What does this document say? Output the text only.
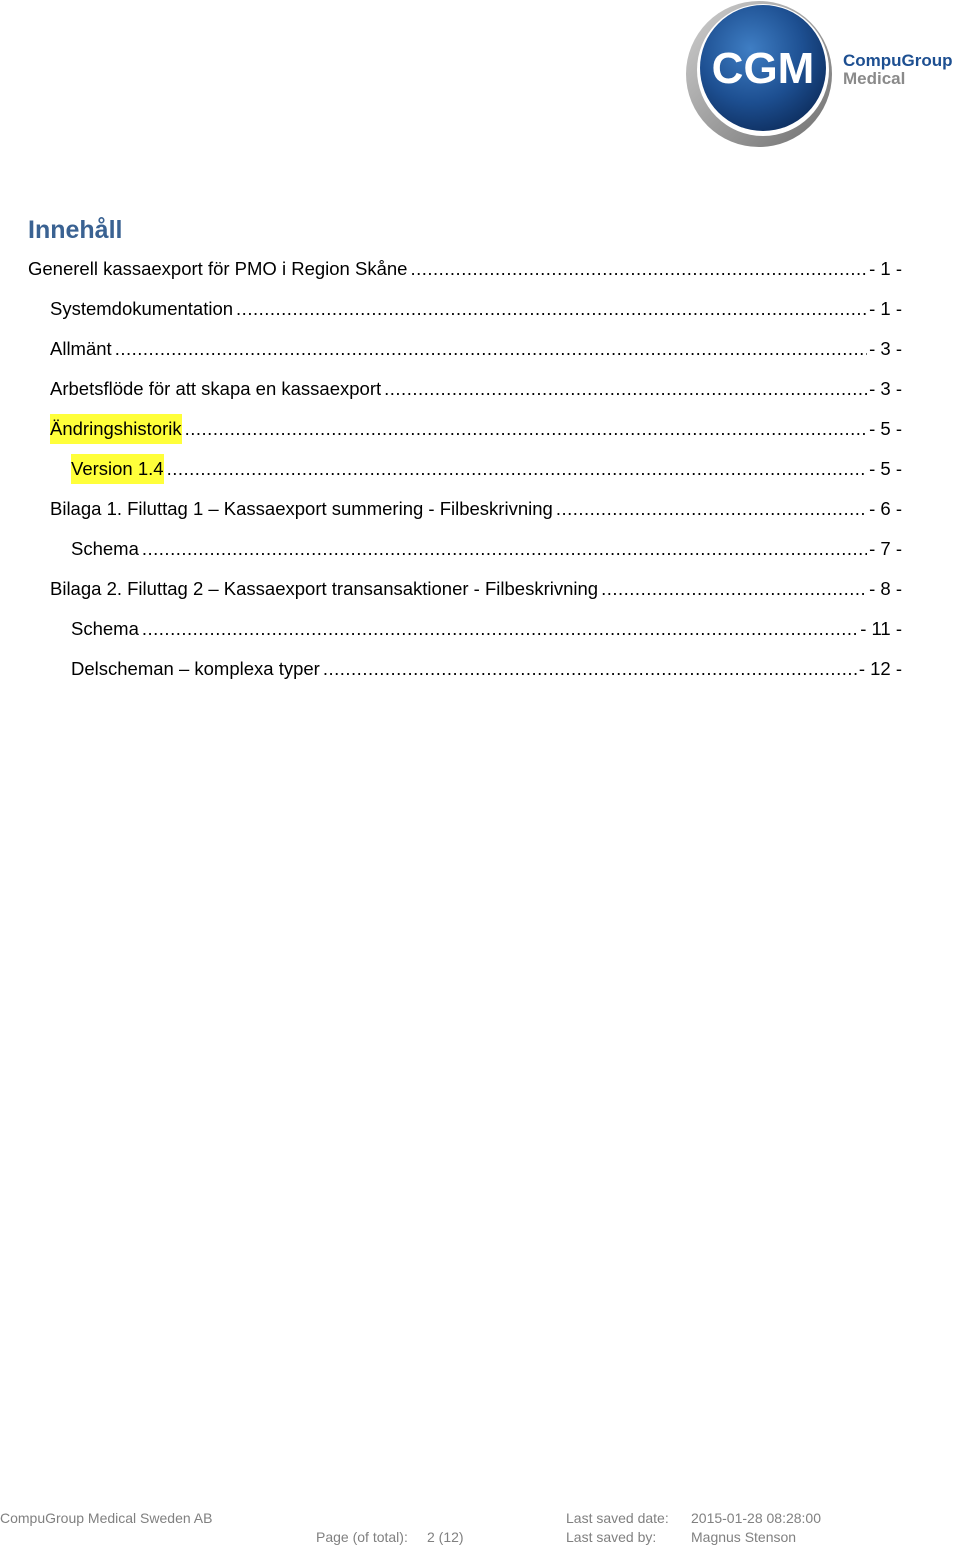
CGM CompuGroup
Medical
Innehåll
Generell kassaexport för PMO i Region Skåne .....	- 1 -
Systemdokumentation .....	- 1 -
Allmänt .....	- 3 -
Arbetsflöde för att skapa en kassaexport .....	- 3 -
Ändringshistorik .....	- 5 -
Version 1.4 .....	- 5 -
Bilaga 1. Filuttag 1 – Kassaexport summering - Filbeskrivning .....	- 6 -
Schema .....	- 7 -
Bilaga 2. Filuttag 2 – Kassaexport transansaktioner - Filbeskrivning .....	- 8 -
Schema .....	- 11 -
Delscheman – komplexa typer .....	- 12 -
CompuGroup Medical Sweden AB
Page (of total): 2 (12)
Last saved date: 2015-01-28 08:28:00
Last saved by: Magnus Stenson
